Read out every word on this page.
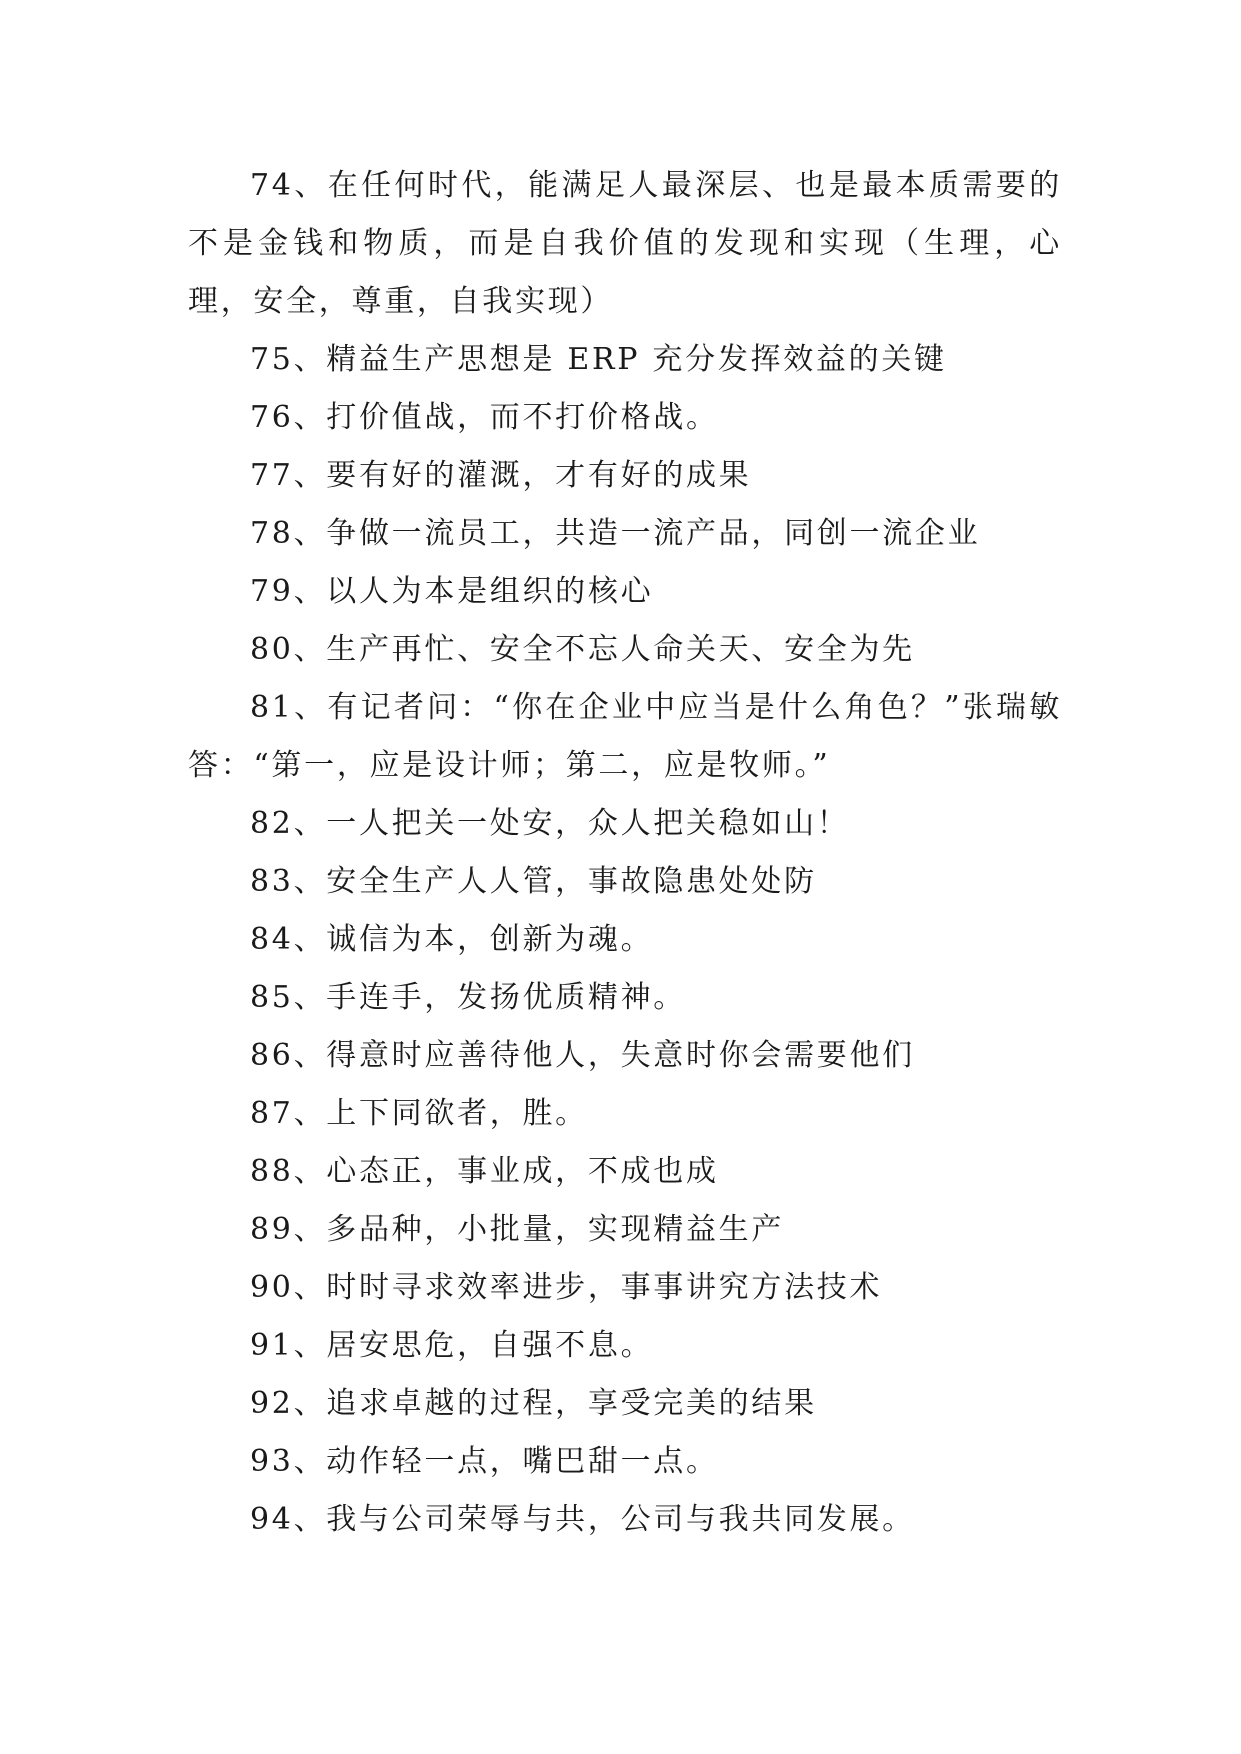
74、在任何时代，能满足人最深层、也是最本质需要的不是金钱和物质，而是自我价值的发现和实现（生理，心理，安全，尊重，自我实现）

75、精益生产思想是 ERP 充分发挥效益的关键

76、打价值战，而不打价格战。

77、要有好的灌溉，才有好的成果

78、争做一流员工，共造一流产品，同创一流企业

79、以人为本是组织的核心

80、生产再忙、安全不忘人命关天、安全为先

81、有记者问：“你在企业中应当是什么角色？”张瑞敏答：“第一，应是设计师；第二，应是牧师。”

82、一人把关一处安，众人把关稳如山！

83、安全生产人人管，事故隐患处处防

84、诚信为本，创新为魂。

85、手连手，发扬优质精神。

86、得意时应善待他人，失意时你会需要他们

87、上下同欲者，胜。

88、心态正，事业成，不成也成

89、多品种，小批量，实现精益生产

90、时时寻求效率进步，事事讲究方法技术

91、居安思危，自强不息。

92、追求卓越的过程，享受完美的结果

93、动作轻一点，嘴巴甜一点。

94、我与公司荣辱与共，公司与我共同发展。
